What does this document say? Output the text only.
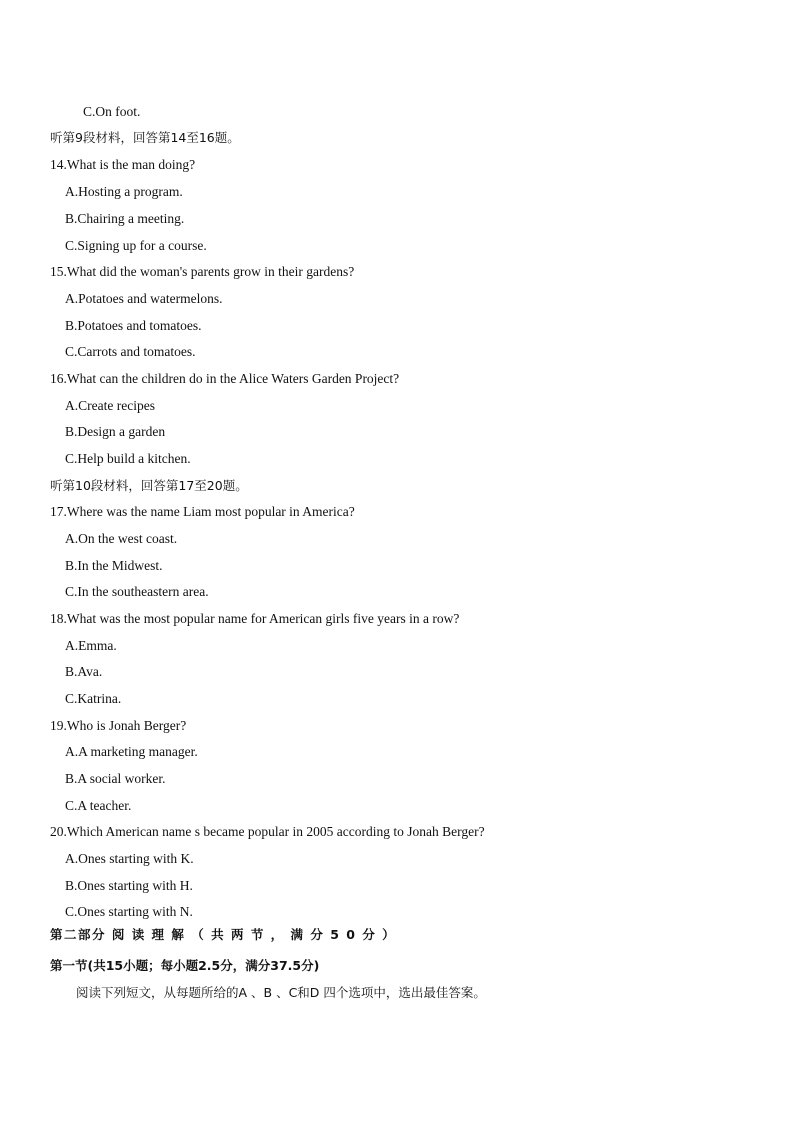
C.On foot.
听第9段材料，回答第14至16题。
14.What is the man doing?
A.Hosting a program.
B.Chairing a meeting.
C.Signing up for a course.
15.What did the woman's parents grow in their gardens?
A.Potatoes and watermelons.
B.Potatoes and tomatoes.
C.Carrots and tomatoes.
16.What can the children do in the Alice Waters Garden Project?
A.Create recipes
B.Design a garden
C.Help build a kitchen.
听第10段材料，回答第17至20题。
17.Where was the name Liam most popular in America?
A.On the west coast.
B.In the Midwest.
C.In the southeastern area.
18.What was the most popular name for American girls five years in a row?
A.Emma.
B.Ava.
C.Katrina.
19.Who is Jonah Berger?
A.A marketing manager.
B.A social worker.
C.A teacher.
20.Which American name s became popular in 2005 according to Jonah Berger?
A.Ones starting with K.
B.Ones starting with H.
C.Ones starting with N.
第二部分 阅 读 理 解 （ 共 两 节 ， 满 分 5 0 分 ）
第一节(共15小题；每小题2.5分，满分37.5分)
阅读下列短文，从每题所给的A 、B 、C和D 四个选项中，选出最佳答案。
